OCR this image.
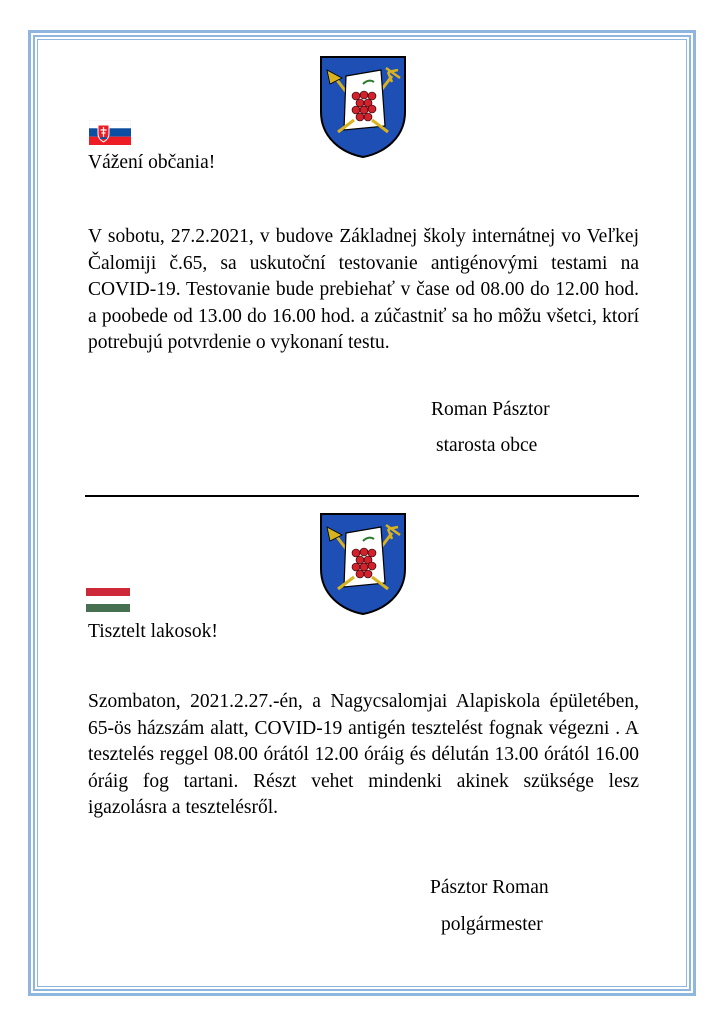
Vážení občania!
V sobotu, 27.2.2021, v budove Základnej školy internátnej vo Veľkej Čalomiji č.65, sa uskutoční testovanie antigénovými testami na COVID-19. Testovanie bude prebiehať v čase od 08.00 do 12.00 hod. a poobede od 13.00 do 16.00 hod. a zúčastniť sa ho môžu všetci, ktorí potrebujú potvrdenie o vykonaní testu.
Roman Pásztor
starosta obce
Tisztelt lakosok!
Szombaton, 2021.2.27.-én, a Nagycsalomjai Alapiskola épületében, 65-ös házszám alatt, COVID-19 antigén tesztelést fognak végezni . A tesztelés reggel 08.00 órától 12.00 óráig és délután 13.00 órától 16.00 óráig fog tartani. Részt vehet mindenki akinek szüksége lesz igazolásra a tesztelésről.
Pásztor Roman
polgármester
